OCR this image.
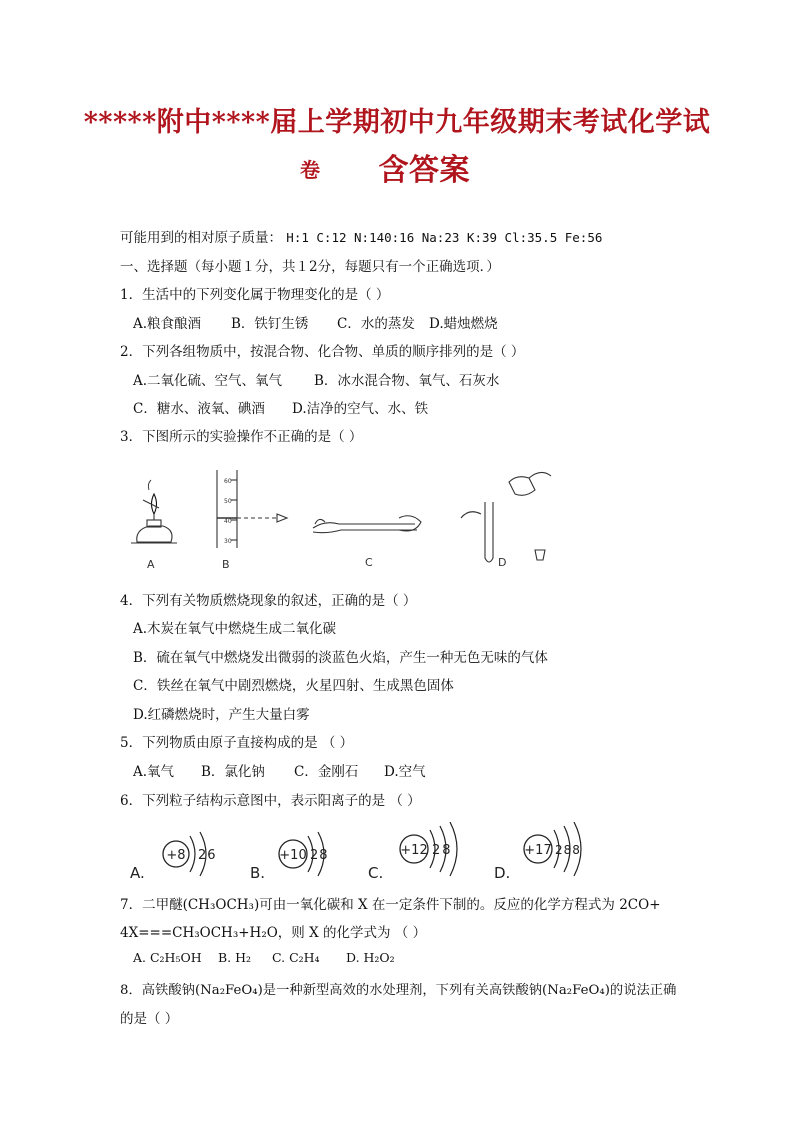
*****附中****届上学期初中九年级期末考试化学试
卷 含答案
可能用到的相对原子质量： H:1 C:12 N:140:16 Na:23 K:39 Cl:35.5 Fe:56
一、选择题（每小题１分，共１2分，每题只有一个正确选项．）
1．生活中的下列变化属于物理变化的是（ ）
A.粮食酿酒 B．铁钉生锈 C．水的蒸发 D.蜡烛燃烧
2．下列各组物质中，按混合物、化合物、单质的顺序排列的是（ ）
A.二氧化硫、空气、氧气 B．冰水混合物、氧气、石灰水
C．糖水、液氧、碘酒 D.洁净的空气、水、铁
3．下图所示的实验操作不正确的是（ ）
A	B	C	D
60
50
40
30
4．下列有关物质燃烧现象的叙述，正确的是（ ）
A.木炭在氧气中燃烧生成二氧化碳
B．硫在氧气中燃烧发出微弱的淡蓝色火焰，产生一种无色无味的气体
C．铁丝在氧气中剧烈燃烧，火星四射、生成黑色固体
D.红磷燃烧时，产生大量白雾
5．下列物质由原子直接构成的是 （ ）
A.氧气 B．氯化钠 C．金刚石 D.空气
6．下列粒子结构示意图中，表示阳离子的是 （ ）
A.
+8 26
B.
+10 28
C.
+12 28
D.
+17 288
7．二甲醚(CH₃OCH₃)可由一氧化碳和 X 在一定条件下制的。反应的化学方程式为 2CO+
4X===CH₃OCH₃+H₂O，则 X 的化学式为 （ ）
A. C₂H₅OH B. H₂ C. C₂H₄ D. H₂O₂
8．高铁酸钠(Na₂FeO₄)是一种新型高效的水处理剂，下列有关高铁酸钠(Na₂FeO₄)的说法正确
的是（ ）
